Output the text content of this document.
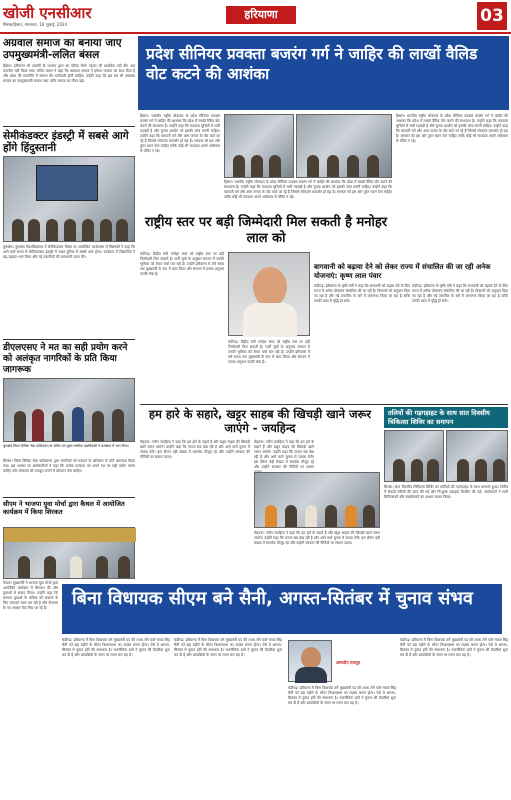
खोजी एनसीआर
सिरसा/हिसार, मंगलवार, 16 जुलाई, 2024
हरियाणा	03
अग्रवाल समाज का बनाया जाए उपमुख्यमंत्री-ललित बंसल
हिसार। हरियाणा भी उपमंत्री दी भाजपा द्वारा आ एवियां चेतन नहाया जी आयोग्रेस तदी की। अब राजनीत नहीं किया गया। ललित बंसल ने कहा कि अग्रवाल समाज ने हमेशा भाजपा का साथ दिया है और प्रदेश की राजनीति में समाज की भागीदारी होनी चाहिए। उन्होंने कहा कि इस बार भी अग्रवाल समाज का उपमुख्यमंत्री बनाया जाए ताकि समाज का गौरव बढ़े।
सेमीकंडक्टर इंडस्ट्री में सबसे आगे होंगे हिंदुस्तानी
कुरुक्षेत्र। कुरुक्षेत्र विश्वविद्यालय में सेमीकंडक्टर विषय पर आयोजित कार्यशाला में विशेषज्ञों ने कहा कि आने वाले समय में सेमीकंडक्टर इंडस्ट्री में भारत दुनिया में सबसे आगे होगा। कार्यक्रम में विद्यार्थियों ने बढ़-चढ़कर भाग लिया और नई तकनीकों की जानकारी प्राप्त की।
डीएलएसए ने मत का सही प्रयोग करने को अलंकृत नागरिकों के प्रति किया जागरूक
कुरुक्षेत्र-जिला विधिक सेवा प्राधिकरण के सचिव एवं मुख्य न्यायिक दंडाधिकारी ने कार्यक्रम में भाग लिया।
सिरसा। जिला विधिक सेवा प्राधिकरण द्वारा नागरिकों को मतदान के अधिकार के प्रति जागरूक किया गया। इस अवसर पर अधिकारियों ने कहा कि प्रत्येक मतदाता को अपने मत का सही प्रयोग करना चाहिए और लोकतंत्र को मजबूत बनाने में योगदान देना चाहिए।
सीएम ने भाजपा युवा मोर्चा द्वारा कैथल में आयोजित कार्यक्रम में किया शिरकत
कैथल। मुख्यमंत्री ने भाजपा युवा मोर्चा द्वारा आयोजित कार्यक्रम में शिरकत की और युवाओं से संवाद किया। उन्होंने कहा कि सरकार युवाओं के भविष्य को संवारने के लिए लगातार काम कर रही है और रोजगार के नए अवसर पैदा किए जा रहे हैं।
प्रदेश सीनियर प्रवक्ता बजरंग गर्ग ने जाहिर की लाखों वैलिड वोट कटने की आशंका
हिसार। भारतीय राष्ट्रीय लोकदल के प्रदेश सीनियर प्रवक्ता बजरंग गर्ग ने जाहिर की आशंका कि प्रदेश में लाखों वैलिड वोट कटने की संभावना है। उन्होंने कहा कि मतदाता सूचियों में भारी गड़बड़ी है और चुनाव आयोग को इसकी जांच करनी चाहिए। उन्होंने कहा कि व्यापारी वर्ग और आम जनता के वोट काटे जा रहे हैं जिससे लोकतंत्र कमजोर हो रहा है। सरकार को इस ओर तुरंत ध्यान देना चाहिए ताकि कोई भी मतदाता अपने अधिकार से वंचित न रहे।
हिसार। भारतीय राष्ट्रीय लोकदल के प्रदेश सीनियर प्रवक्ता बजरंग गर्ग ने जाहिर की आशंका कि प्रदेश में लाखों वैलिड वोट कटने की संभावना है। उन्होंने कहा कि मतदाता सूचियों में भारी गड़बड़ी है और चुनाव आयोग को इसकी जांच करनी चाहिए। उन्होंने कहा कि व्यापारी वर्ग और आम जनता के वोट काटे जा रहे हैं जिससे लोकतंत्र कमजोर हो रहा है। सरकार को इस ओर तुरंत ध्यान देना चाहिए ताकि कोई भी मतदाता अपने अधिकार से वंचित न रहे।
हिसार। भारतीय राष्ट्रीय लोकदल के प्रदेश सीनियर प्रवक्ता बजरंग गर्ग ने जाहिर की आशंका कि प्रदेश में लाखों वैलिड वोट कटने की संभावना है। उन्होंने कहा कि मतदाता सूचियों में भारी गड़बड़ी है और चुनाव आयोग को इसकी जांच करनी चाहिए। उन्होंने कहा कि व्यापारी वर्ग और आम जनता के वोट काटे जा रहे हैं जिससे लोकतंत्र कमजोर हो रहा है। सरकार को इस ओर तुरंत ध्यान देना चाहिए ताकि कोई भी मतदाता अपने अधिकार से वंचित न रहे।
राष्ट्रीय स्तर पर बड़ी जिम्मेदारी मिल सकती है मनोहर लाल को
चंडीगढ़। केंद्रीय मंत्री मनोहर लाल को राष्ट्रीय स्तर पर बड़ी जिम्मेदारी मिल सकती है। पार्टी सूत्रों के अनुसार संगठन में उनकी भूमिका को लेकर चर्चा चल रही है। उन्होंने हरियाणा में लंबे समय तक मुख्यमंत्री के रूप में काम किया और संगठन में उनका अनुभव काफी लंबा है।
चंडीगढ़। केंद्रीय मंत्री मनोहर लाल को राष्ट्रीय स्तर पर बड़ी जिम्मेदारी मिल सकती है। पार्टी सूत्रों के अनुसार संगठन में उनकी भूमिका को लेकर चर्चा चल रही है। उन्होंने हरियाणा में लंबे समय तक मुख्यमंत्री के रूप में काम किया और संगठन में उनका अनुभव काफी लंबा है।
बागवानी को बढ़ावा देने को लेकर राज्य में संचालित की जा रही अनेक योजनाएं: कृष्ण लाल पंवार
चंडीगढ़। हरियाणा के कृषि मंत्री ने कहा कि बागवानी को बढ़ावा देने के लिए राज्य में अनेक योजनाएं संचालित की जा रही हैं। किसानों को अनुदान दिया जा रहा है और नई तकनीक के बारे में जागरूक किया जा रहा है ताकि उनकी आय में वृद्धि हो सके।
चंडीगढ़। हरियाणा के कृषि मंत्री ने कहा कि बागवानी को बढ़ावा देने के लिए राज्य में अनेक योजनाएं संचालित की जा रही हैं। किसानों को अनुदान दिया जा रहा है और नई तकनीक के बारे में जागरूक किया जा रहा है ताकि उनकी आय में वृद्धि हो सके।
हम हारे के सहारे, खट्टर साहब की खिचड़ी खाने जरूर जाएंगे - जयहिन्द
रोहतक। नवीन जयहिन्द ने कहा कि हम हारे के सहारे हैं और खट्टर साहब की खिचड़ी खाने जरूर जाएंगे। उन्होंने कहा कि जनता सब देख रही है और आने वाले चुनाव में जवाब देगी। इस दौरान बड़ी संख्या में समर्थक मौजूद रहे और उन्होंने सरकार की नीतियों पर सवाल उठाए।
रोहतक। नवीन जयहिन्द ने कहा कि हम हारे के सहारे हैं और खट्टर साहब की खिचड़ी खाने जरूर जाएंगे। उन्होंने कहा कि जनता सब देख रही है और आने वाले चुनाव में जवाब देगी। इस दौरान बड़ी संख्या में समर्थक मौजूद रहे और उन्होंने सरकार की नीतियों पर सवाल
रोहतक। नवीन जयहिन्द ने कहा कि हम हारे के सहारे हैं और खट्टर साहब की खिचड़ी खाने जरूर जाएंगे। उन्होंने कहा कि जनता सब देख रही है और आने वाले चुनाव में जवाब देगी। इस दौरान बड़ी संख्या में समर्थक मौजूद रहे और उन्होंने सरकार की नीतियों पर सवाल उठाए।
तलियों की गड़गड़ाहट के साथ सात दिवसीय चिकित्सा शिविर का समापन
सिरसा। सात दिवसीय चिकित्सा शिविर का तालियों की गड़गड़ाहट के साथ समापन हुआ। शिविर में सैकड़ों मरीजों की जांच की गई और निःशुल्क दवाइयां वितरित की गईं। आयोजकों ने सभी चिकित्सकों और स्वयंसेवकों का आभार व्यक्त किया।
बिना विधायक सीएम बने सैनी, अगस्त-सितंबर में चुनाव संभव
चंडीगढ़। हरियाणा में बिना विधायक बने मुख्यमंत्री पद की शपथ लेने वाले नायब सिंह सैनी को छह महीने के भीतर विधानसभा का सदस्य बनना होगा। ऐसे में अगस्त-सितंबर में चुनाव होने की संभावना है। राजनीतिक दलों ने चुनाव की तैयारियां शुरू कर दी हैं और प्रत्याशियों के चयन पर मंथन चल रहा है।
चंडीगढ़। हरियाणा में बिना विधायक बने मुख्यमंत्री पद की शपथ लेने वाले नायब सिंह सैनी को छह महीने के भीतर विधानसभा का सदस्य बनना होगा। ऐसे में अगस्त-सितंबर में चुनाव होने की संभावना है। राजनीतिक दलों ने चुनाव की तैयारियां शुरू कर दी हैं और प्रत्याशियों के चयन पर मंथन चल रहा है।
अमरदीप राजपूत
चंडीगढ़। हरियाणा में बिना विधायक बने मुख्यमंत्री पद की शपथ लेने वाले नायब सिंह सैनी को छह महीने के भीतर विधानसभा का सदस्य बनना होगा। ऐसे में अगस्त-सितंबर में चुनाव होने की संभावना है। राजनीतिक दलों ने चुनाव की तैयारियां शुरू कर दी हैं और प्रत्याशियों के चयन पर मंथन चल रहा है।
चंडीगढ़। हरियाणा में बिना विधायक बने मुख्यमंत्री पद की शपथ लेने वाले नायब सिंह सैनी को छह महीने के भीतर विधानसभा का सदस्य बनना होगा। ऐसे में अगस्त-सितंबर में चुनाव होने की संभावना है। राजनीतिक दलों ने चुनाव की तैयारियां शुरू कर दी हैं और प्रत्याशियों के चयन पर मंथन चल रहा है।
